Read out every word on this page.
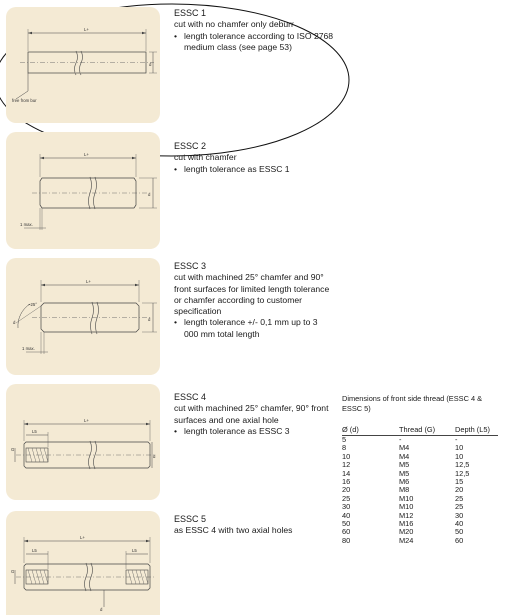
L+
d
free from bur
ESSC 1
cut with no chamfer only deburr
• length tolerance according to ISO 2768 medium class (see page 53)
L+
d
1 max.
ESSC 2
cut with chamfer
• length tolerance as ESSC 1
L+
d
~25°
d
1 max.
ESSC 3
cut with machined 25° chamfer and 90° front surfaces for limited length tolerance or chamfer according to customer specification
• length tolerance +/- 0,1 mm up to 3 000 mm total length
L+
L5
G
d
ESSC 4
cut with machined 25° chamfer, 90° front surfaces and one axial hole
• length tolerance as ESSC 3
L+
L5	L5
G
d
ESSC 5
as ESSC 4 with two axial holes
Dimensions of front side thread (ESSC 4 & ESSC 5)
Ø (d)	Thread (G)	Depth (L5)
5	-	-
8	M4	10
10	M4	10
12	M5	12,5
14	M5	12,5
16	M6	15
20	M8	20
25	M10	25
30	M10	25
40	M12	30
50	M16	40
60	M20	50
80	M24	60
